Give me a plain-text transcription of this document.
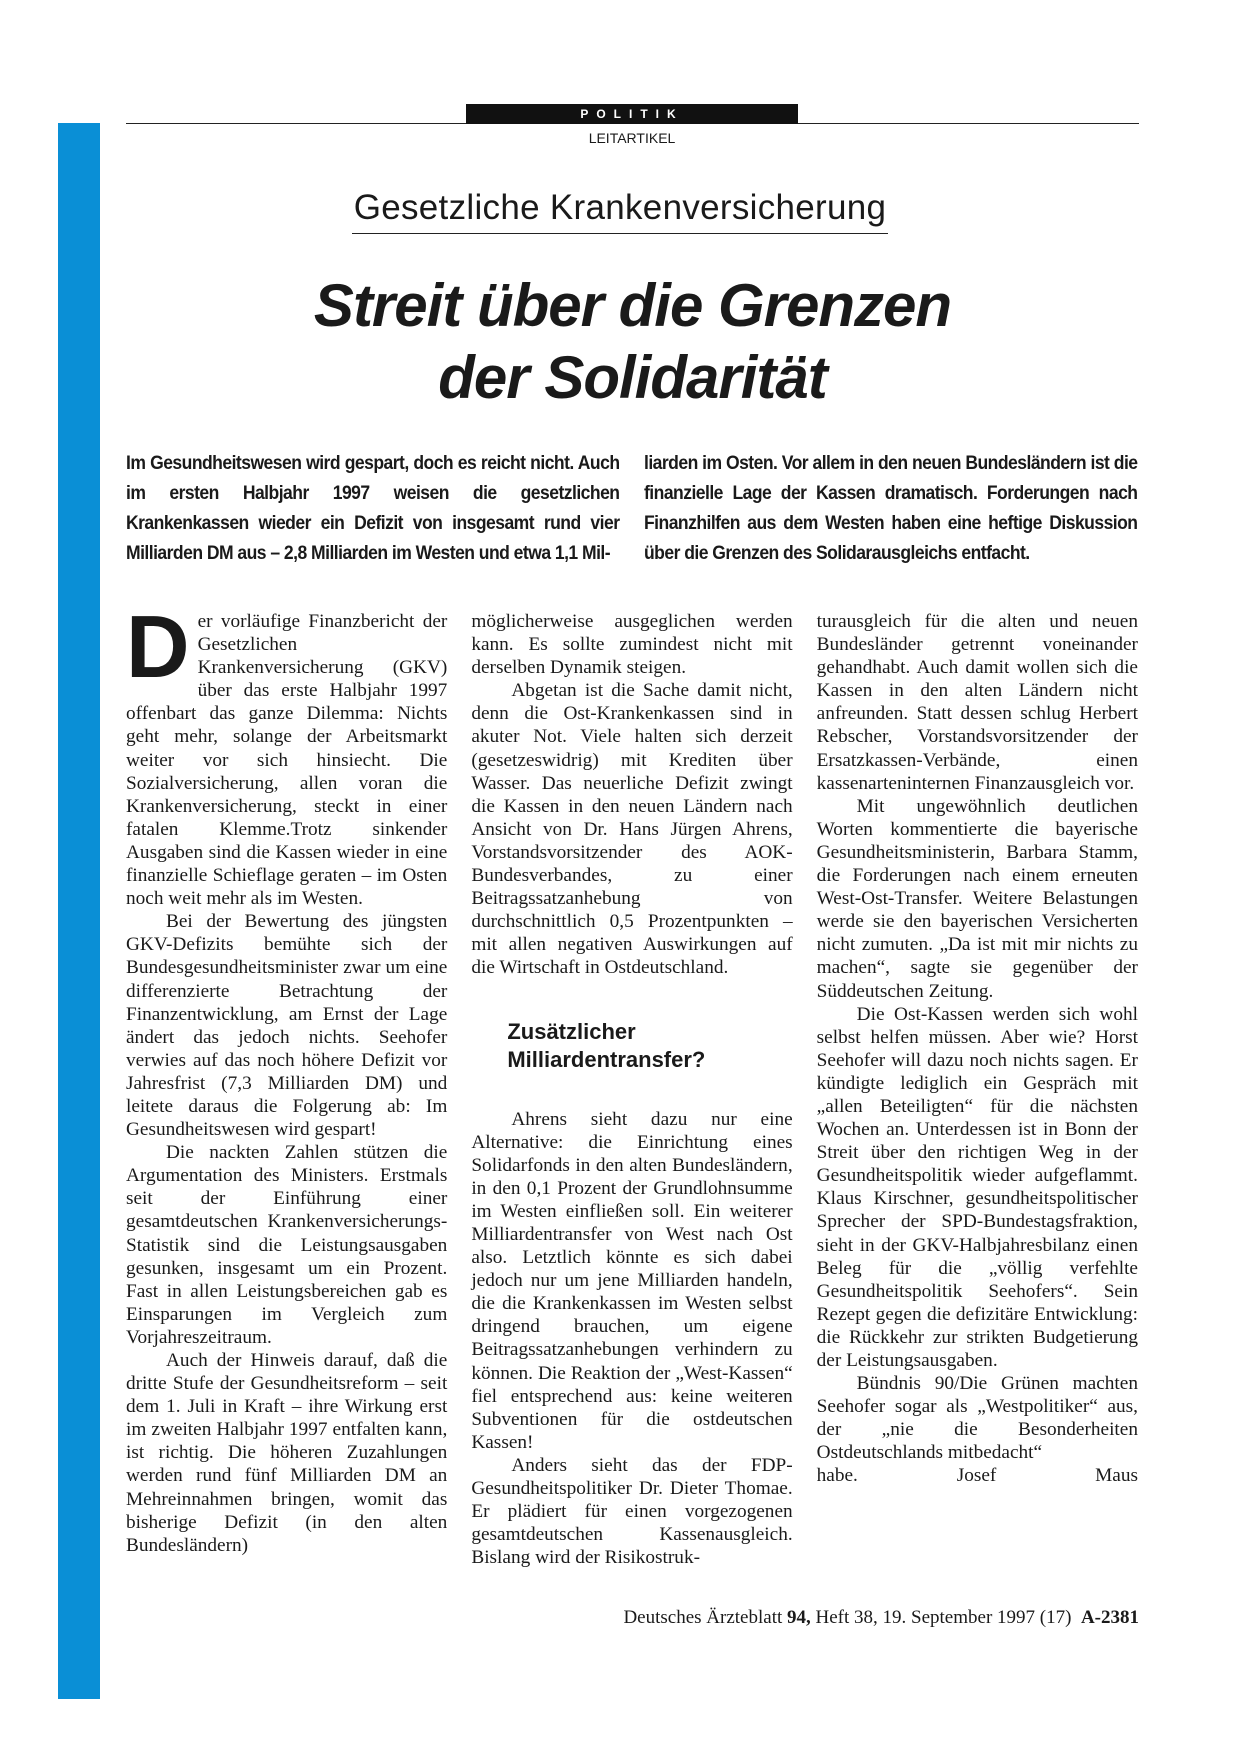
POLITIK
LEITARTIKEL
Gesetzliche Krankenversicherung
Streit über die Grenzen
der Solidarität

Im Gesundheitswesen wird gespart, doch es reicht nicht. Auch im ersten Halbjahr 1997 weisen die gesetzlichen Krankenkassen wieder ein Defizit von insgesamt rund vier Milliarden DM aus – 2,8 Milliarden im Westen und etwa 1,1 Mil-

liarden im Osten. Vor allem in den neuen Bundesländern ist die finanzielle Lage der Kassen dramatisch. Forderungen nach Finanzhilfen aus dem Westen haben eine heftige Diskussion über die Grenzen des Solidarausgleichs entfacht.

Der vorläufige Finanzbericht der Gesetzlichen Krankenversicherung (GKV) über das erste Halbjahr 1997 offenbart das ganze Dilemma: Nichts geht mehr, solange der Arbeitsmarkt weiter vor sich hinsiecht. Die Sozialversicherung, allen voran die Krankenversicherung, steckt in einer fatalen Klemme.Trotz sinkender Ausgaben sind die Kassen wieder in eine finanzielle Schieflage geraten – im Osten noch weit mehr als im Westen.

Bei der Bewertung des jüngsten GKV-Defizits bemühte sich der Bundesgesundheitsminister zwar um eine differenzierte Betrachtung der Finanzentwicklung, am Ernst der Lage ändert das jedoch nichts. Seehofer verwies auf das noch höhere Defizit vor Jahresfrist (7,3 Milliarden DM) und leitete daraus die Folgerung ab: Im Gesundheitswesen wird gespart!

Die nackten Zahlen stützen die Argumentation des Ministers. Erstmals seit der Einführung einer gesamtdeutschen Krankenversicherungs-Statistik sind die Leistungsausgaben gesunken, insgesamt um ein Prozent. Fast in allen Leistungsbereichen gab es Einsparungen im Vergleich zum Vorjahreszeitraum.

Auch der Hinweis darauf, daß die dritte Stufe der Gesundheitsreform – seit dem 1. Juli in Kraft – ihre Wirkung erst im zweiten Halbjahr 1997 entfalten kann, ist richtig. Die höheren Zuzahlungen werden rund fünf Milliarden DM an Mehreinnahmen bringen, womit das bisherige Defizit (in den alten Bundesländern)

möglicherweise ausgeglichen werden kann. Es sollte zumindest nicht mit derselben Dynamik steigen.

Abgetan ist die Sache damit nicht, denn die Ost-Krankenkassen sind in akuter Not. Viele halten sich derzeit (gesetzeswidrig) mit Krediten über Wasser. Das neuerliche Defizit zwingt die Kassen in den neuen Ländern nach Ansicht von Dr. Hans Jürgen Ahrens, Vorstandsvorsitzender des AOK-Bundesverbandes, zu einer Beitragssatzanhebung von durchschnittlich 0,5 Prozentpunkten – mit allen negativen Auswirkungen auf die Wirtschaft in Ostdeutschland.

Zusätzlicher
Milliardentransfer?

Ahrens sieht dazu nur eine Alternative: die Einrichtung eines Solidarfonds in den alten Bundesländern, in den 0,1 Prozent der Grundlohnsumme im Westen einfließen soll. Ein weiterer Milliardentransfer von West nach Ost also. Letztlich könnte es sich dabei jedoch nur um jene Milliarden handeln, die die Krankenkassen im Westen selbst dringend brauchen, um eigene Beitragssatzanhebungen verhindern zu können. Die Reaktion der „West-Kassen“ fiel entsprechend aus: keine weiteren Subventionen für die ostdeutschen Kassen!

Anders sieht das der FDP-Gesundheitspolitiker Dr. Dieter Thomae. Er plädiert für einen vorgezogenen gesamtdeutschen Kassenausgleich. Bislang wird der Risikostruk-

turausgleich für die alten und neuen Bundesländer getrennt voneinander gehandhabt. Auch damit wollen sich die Kassen in den alten Ländern nicht anfreunden. Statt dessen schlug Herbert Rebscher, Vorstandsvorsitzender der Ersatzkassen-Verbände, einen kassenarteninternen Finanzausgleich vor.

Mit ungewöhnlich deutlichen Worten kommentierte die bayerische Gesundheitsministerin, Barbara Stamm, die Forderungen nach einem erneuten West-Ost-Transfer. Weitere Belastungen werde sie den bayerischen Versicherten nicht zumuten. „Da ist mit mir nichts zu machen“, sagte sie gegenüber der Süddeutschen Zeitung.

Die Ost-Kassen werden sich wohl selbst helfen müssen. Aber wie? Horst Seehofer will dazu noch nichts sagen. Er kündigte lediglich ein Gespräch mit „allen Beteiligten“ für die nächsten Wochen an. Unterdessen ist in Bonn der Streit über den richtigen Weg in der Gesundheitspolitik wieder aufgeflammt. Klaus Kirschner, gesundheitspolitischer Sprecher der SPD-Bundestagsfraktion, sieht in der GKV-Halbjahresbilanz einen Beleg für die „völlig verfehlte Gesundheitspolitik Seehofers“. Sein Rezept gegen die defizitäre Entwicklung: die Rückkehr zur strikten Budgetierung der Leistungsausgaben.

Bündnis 90/Die Grünen machten Seehofer sogar als „Westpolitiker“ aus, der „nie die Besonderheiten Ostdeutschlands mitbedacht“

habe.	Josef Maus

Deutsches Ärzteblatt 94, Heft 38, 19. September 1997 (17) A-2381
